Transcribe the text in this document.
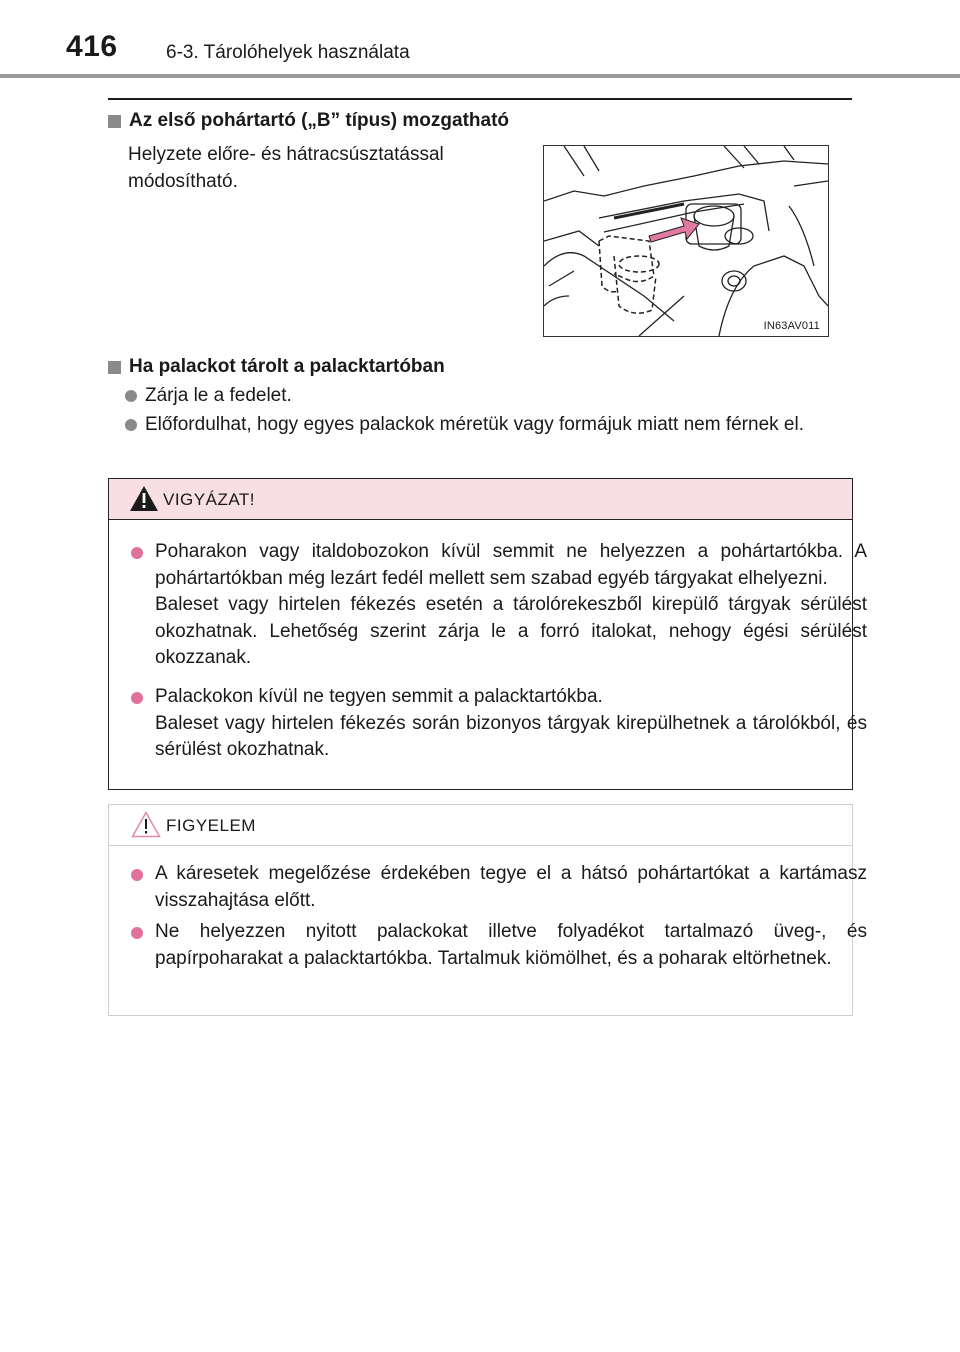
416	6-3. Tárolóhelyek használata
Az első pohártartó („B” típus) mozgatható
Helyzete előre- és hátracsúsztatással módosítható.
IN63AV011
Ha palackot tárolt a palacktartóban
Zárja le a fedelet.
Előfordulhat, hogy egyes palackok méretük vagy formájuk miatt nem férnek el.
VIGYÁZAT!

Poharakon vagy italdobozokon kívül semmit ne helyezzen a pohártartókba. A pohártartókban még lezárt fedél mellett sem szabad egyéb tárgyakat elhelyezni.

Baleset vagy hirtelen fékezés esetén a tárolórekeszből kirepülő tárgyak sérülést okozhatnak. Lehetőség szerint zárja le a forró italokat, nehogy égési sérülést okozzanak.

Palackokon kívül ne tegyen semmit a palacktartókba.

Baleset vagy hirtelen fékezés során bizonyos tárgyak kirepülhetnek a tárolókból, és sérülést okozhatnak.

FIGYELEM

A káresetek megelőzése érdekében tegye el a hátsó pohártartókat a kartámasz visszahajtása előtt.

Ne helyezzen nyitott palackokat illetve folyadékot tartalmazó üveg-, és papírpoharakat a palacktartókba. Tartalmuk kiömölhet, és a poharak eltörhetnek.
